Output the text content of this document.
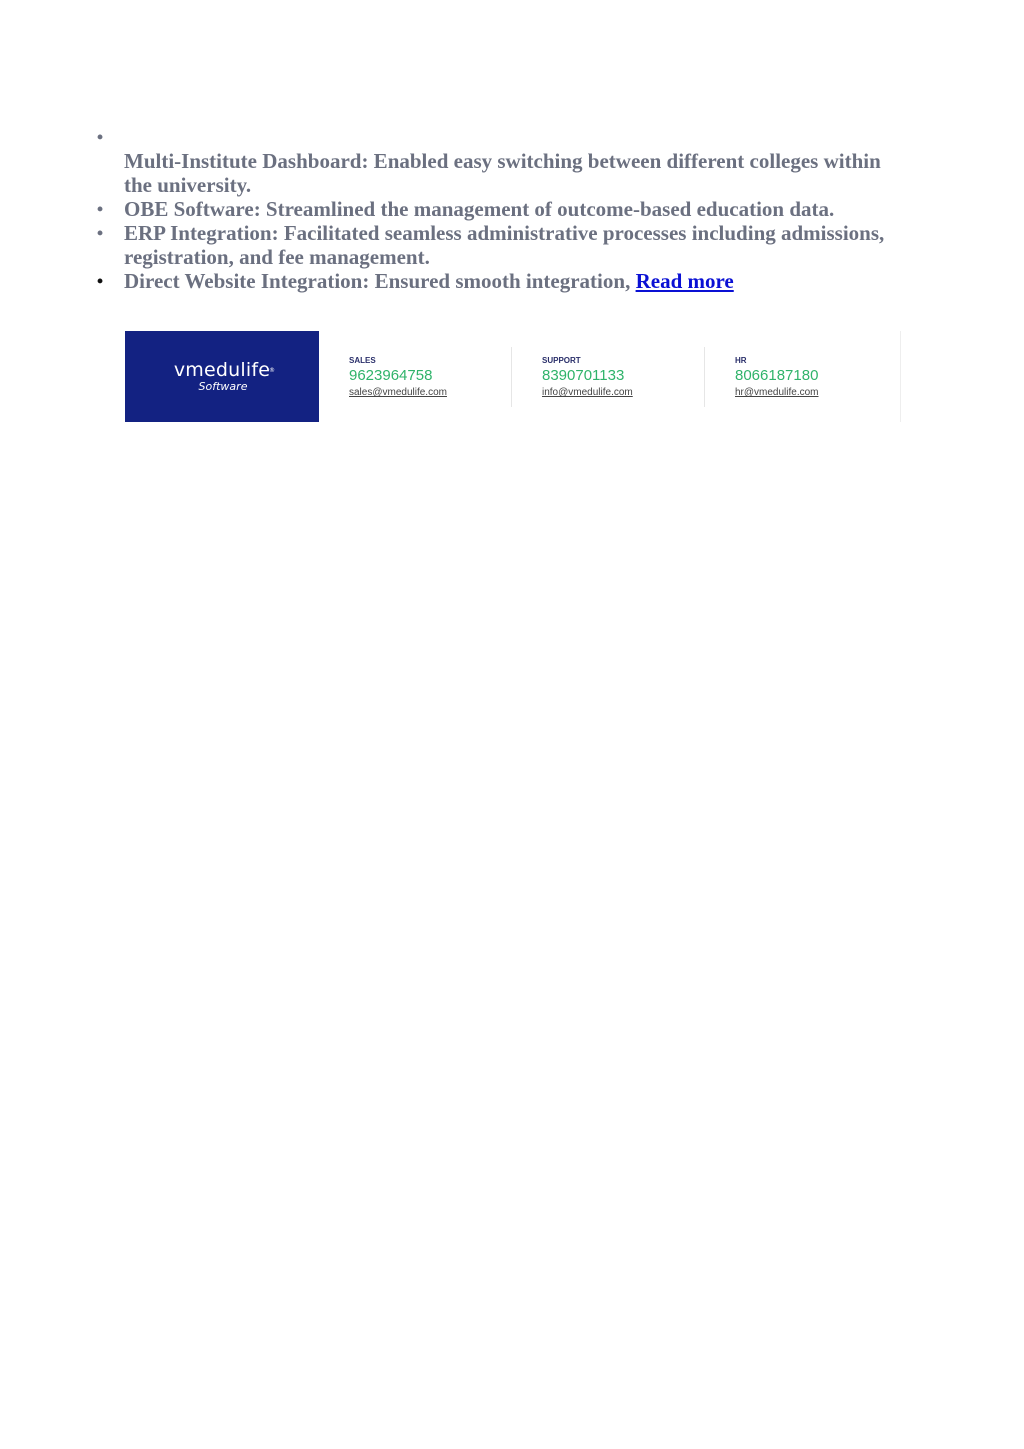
•
Multi-Institute Dashboard: Enabled easy switching between different colleges within the university.
• OBE Software: Streamlined the management of outcome-based education data.
• ERP Integration: Facilitated seamless administrative processes including admissions, registration, and fee management.
• Direct Website Integration: Ensured smooth integration, Read more
vmedulife
®
Software
SALES
9623964758
sales@vmedulife.com
SUPPORT
8390701133
info@vmedulife.com
HR
8066187180
hr@vmedulife.com
